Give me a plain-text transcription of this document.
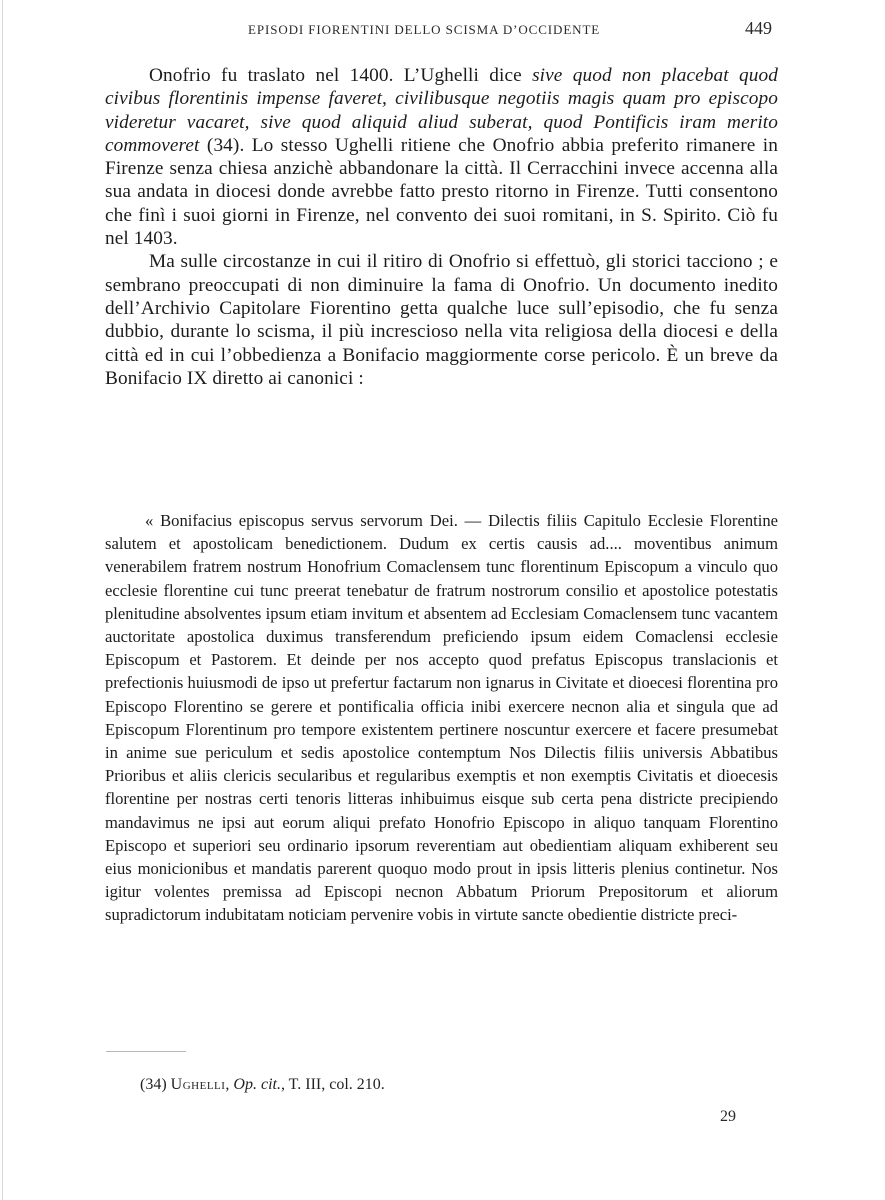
EPISODI FIORENTINI DELLO SCISMA D’OCCIDENTE	449

Onofrio fu traslato nel 1400. L’Ughelli dice sive quod non placebat quod civibus florentinis impense faveret, civilibusque negotiis magis quam pro episcopo videretur vacaret, sive quod aliquid aliud suberat, quod Pontificis iram merito commoveret (34). Lo stesso Ughelli ritiene che Onofrio abbia preferito rimanere in Firenze senza chiesa anzichè abbandonare la città. Il Cerracchini invece accenna alla sua andata in diocesi donde avrebbe fatto presto ritorno in Firenze. Tutti consentono che finì i suoi giorni in Firenze, nel convento dei suoi romitani, in S. Spirito. Ciò fu nel 1403.

Ma sulle circostanze in cui il ritiro di Onofrio si effettuò, gli storici tacciono ; e sembrano preoccupati di non diminuire la fama di Onofrio. Un documento inedito dell’Archivio Capitolare Fiorentino getta qualche luce sull’episodio, che fu senza dubbio, durante lo scisma, il più increscioso nella vita religiosa della diocesi e della città ed in cui l’obbedienza a Bonifacio maggiormente corse pericolo. È un breve da Bonifacio IX diretto ai canonici :

« Bonifacius episcopus servus servorum Dei. — Dilectis filiis Capitulo Ecclesie Florentine salutem et apostolicam benedictionem. Dudum ex certis causis ad.... moventibus animum venerabilem fratrem nostrum Honofrium Comaclensem tunc florentinum Episcopum a vinculo quo ecclesie florentine cui tunc preerat tenebatur de fratrum nostrorum consilio et apostolice potestatis plenitudine absolventes ipsum etiam invitum et absentem ad Ecclesiam Comaclensem tunc vacantem auctoritate apostolica duximus transferendum preficiendo ipsum eidem Comaclensi ecclesie Episcopum et Pastorem. Et deinde per nos accepto quod prefatus Episcopus translacionis et prefectionis huiusmodi de ipso ut prefertur factarum non ignarus in Civitate et dioecesi florentina pro Episcopo Florentino se gerere et pontificalia officia inibi exercere necnon alia et singula que ad Episcopum Florentinum pro tempore existentem pertinere noscuntur exercere et facere presumebat in anime sue periculum et sedis apostolice contemptum Nos Dilectis filiis universis Abbatibus Prioribus et aliis clericis secularibus et regularibus exemptis et non exemptis Civitatis et dioecesis florentine per nostras certi tenoris litteras inhibuimus eisque sub certa pena districte precipiendo mandavimus ne ipsi aut eorum aliqui prefato Honofrio Episcopo in aliquo tanquam Florentino Episcopo et superiori seu ordinario ipsorum reverentiam aut obedientiam aliquam exhiberent seu eius monicionibus et mandatis parerent quoquo modo prout in ipsis litteris plenius continetur. Nos igitur volentes premissa ad Episcopi necnon Abbatum Priorum Prepositorum et aliorum supradictorum indubitatam noticiam pervenire vobis in virtute sancte obedientie districte preci-

(34) Ughelli, Op. cit., T. III, col. 210.
29
